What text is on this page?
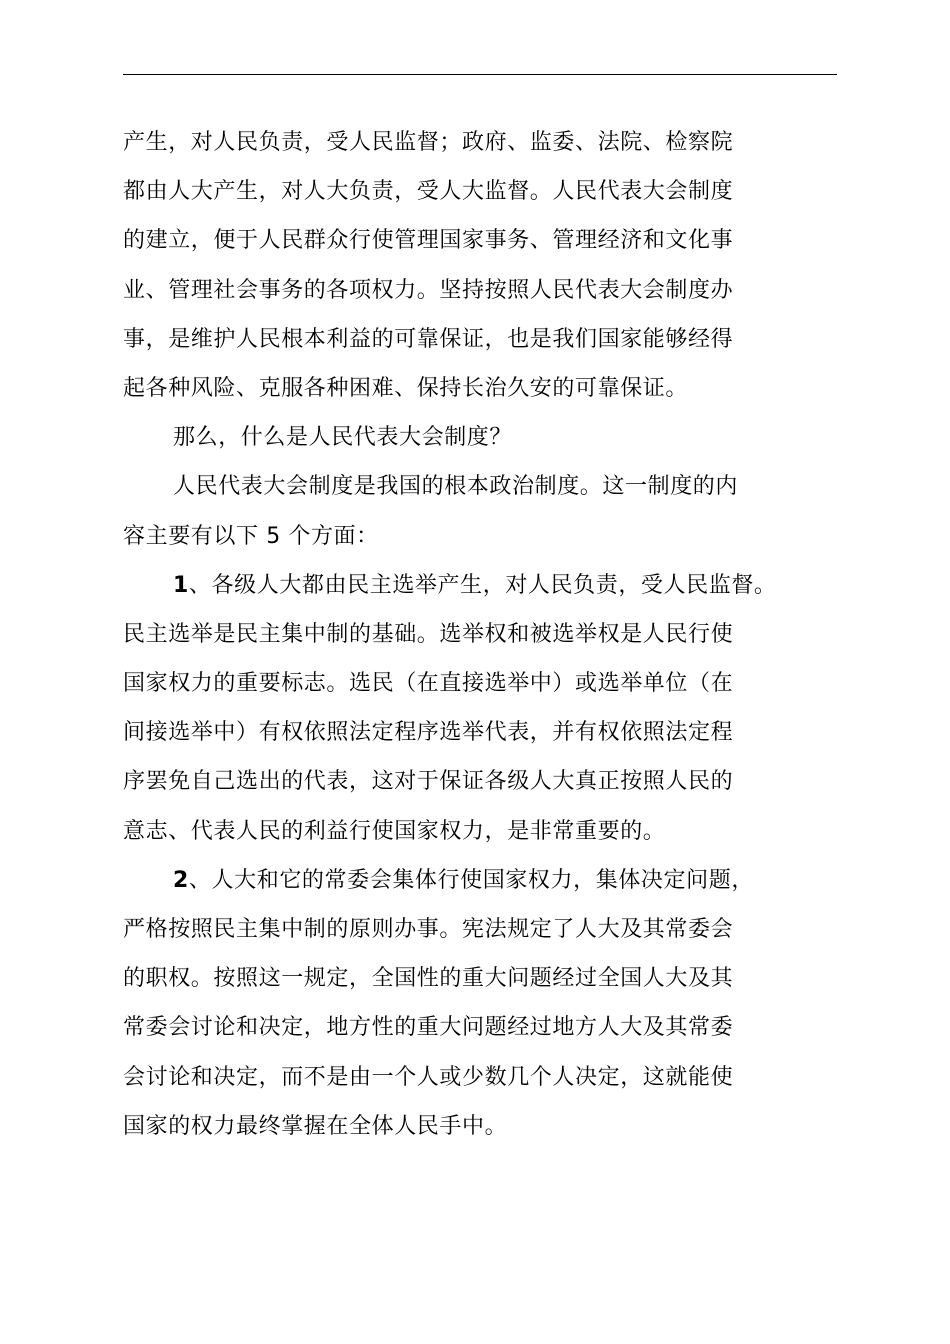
产生，对人民负责，受人民监督；政府、监委、法院、检察院
都由人大产生，对人大负责，受人大监督。人民代表大会制度
的建立，便于人民群众行使管理国家事务、管理经济和文化事
业、管理社会事务的各项权力。坚持按照人民代表大会制度办
事，是维护人民根本利益的可靠保证，也是我们国家能够经得
起各种风险、克服各种困难、保持长治久安的可靠保证。
那么，什么是人民代表大会制度？
人民代表大会制度是我国的根本政治制度。这一制度的内
容主要有以下 5 个方面：
1、各级人大都由民主选举产生，对人民负责，受人民监督。
民主选举是民主集中制的基础。选举权和被选举权是人民行使
国家权力的重要标志。选民（在直接选举中）或选举单位（在
间接选举中）有权依照法定程序选举代表，并有权依照法定程
序罢免自己选出的代表，这对于保证各级人大真正按照人民的
意志、代表人民的利益行使国家权力，是非常重要的。
2、人大和它的常委会集体行使国家权力，集体决定问题，
严格按照民主集中制的原则办事。宪法规定了人大及其常委会
的职权。按照这一规定，全国性的重大问题经过全国人大及其
常委会讨论和决定，地方性的重大问题经过地方人大及其常委
会讨论和决定，而不是由一个人或少数几个人决定，这就能使
国家的权力最终掌握在全体人民手中。
